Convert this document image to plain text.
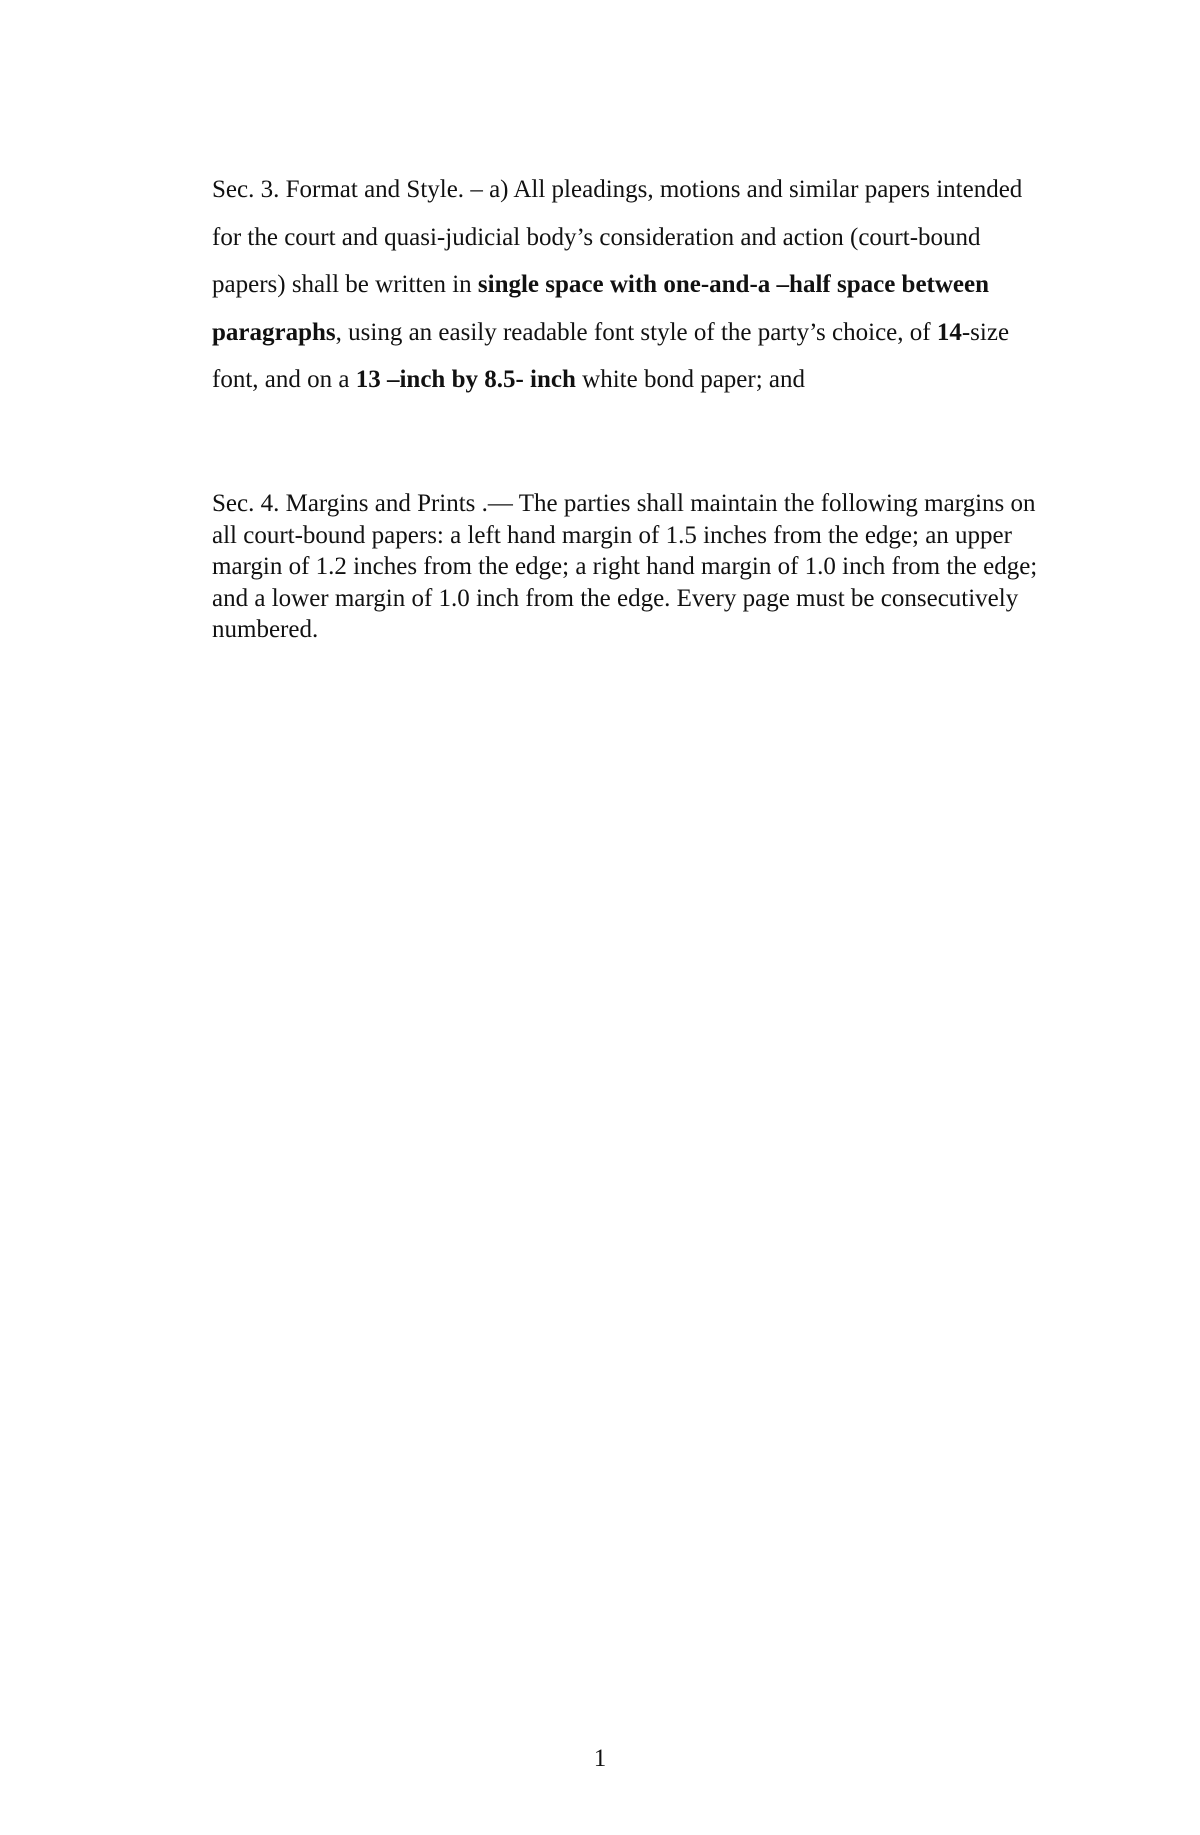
Sec. 3. Format and Style. – a) All pleadings, motions and similar papers intended for the court and quasi-judicial body’s consideration and action (court-bound papers) shall be written in single space with one-and-a –half space between paragraphs, using an easily readable font style of the party’s choice, of 14-size font, and on a 13 –inch by 8.5- inch white bond paper; and

Sec. 4. Margins and Prints .— The parties shall maintain the following margins on all court-bound papers: a left hand margin of 1.5 inches from the edge; an upper margin of 1.2 inches from the edge; a right hand margin of 1.0 inch from the edge; and a lower margin of 1.0 inch from the edge. Every page must be consecutively numbered.

1
